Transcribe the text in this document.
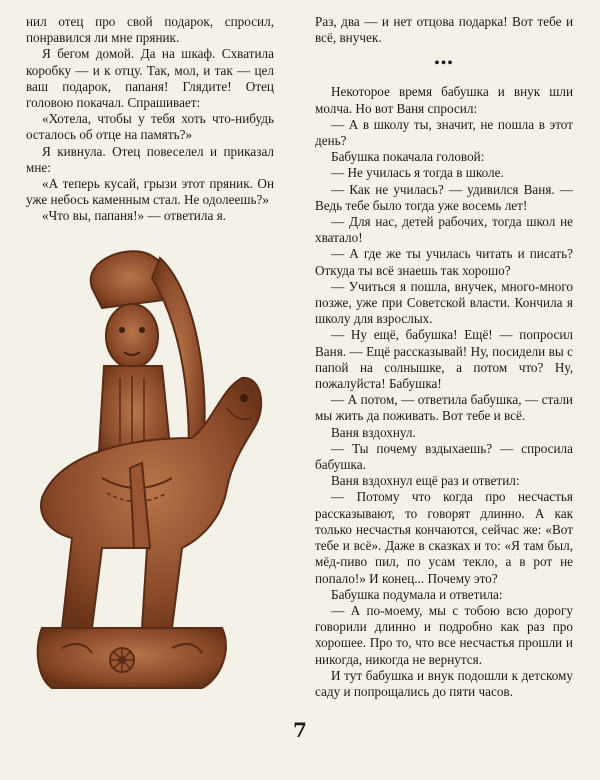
нил отец про свой подарок, спросил, понравился ли мне пряник.

Я бегом домой. Да на шкаф. Схватила коробку — и к отцу. Так, мол, и так — цел ваш подарок, папаня! Глядите! Отец головою покачал. Спрашивает:

«Хотела, чтобы у тебя хоть что-нибудь осталось об отце на память?»

Я кивнула. Отец повеселел и приказал мне:

«А теперь кусай, грызи этот пряник. Он уже небось каменным стал. Не одолеешь?»

«Что вы, папаня!» — ответила я.

Раз, два — и нет отцова подарка! Вот тебе и всё, внучек.

•••

Некоторое время бабушка и внук шли молча. Но вот Ваня спросил:

— А в школу ты, значит, не пошла в этот день?

Бабушка покачала головой:

— Не училась я тогда в школе.

— Как не училась? — удивился Ваня. — Ведь тебе было тогда уже восемь лет!

— Для нас, детей рабочих, тогда школ не хватало!

— А где же ты училась читать и писать? Откуда ты всё знаешь так хорошо?

— Учиться я пошла, внучек, много-много позже, уже при Советской власти. Кончила я школу для взрослых.

— Ну ещё, бабушка! Ещё! — попросил Ваня. — Ещё рассказывай! Ну, посидели вы с папой на солнышке, а потом что? Ну, пожалуйста! Бабушка!

— А потом, — ответила бабушка, — стали мы жить да поживать. Вот тебе и всё.

Ваня вздохнул.

— Ты почему вздыхаешь? — спросила бабушка.

Ваня вздохнул ещё раз и ответил:

— Потому что когда про несчастья рассказывают, то говорят длинно. А как только несчастья кончаются, сейчас же: «Вот тебе и всё». Даже в сказках и то: «Я там был, мёд-пиво пил, по усам текло, а в рот не попало!» И конец... Почему это?

Бабушка подумала и ответила:

— А по-моему, мы с тобою всю дорогу говорили длинно и подробно как раз про хорошее. Про то, что все несчастья прошли и никогда, никогда не вернутся.

И тут бабушка и внук подошли к детскому саду и попрощались до пяти часов.

7
